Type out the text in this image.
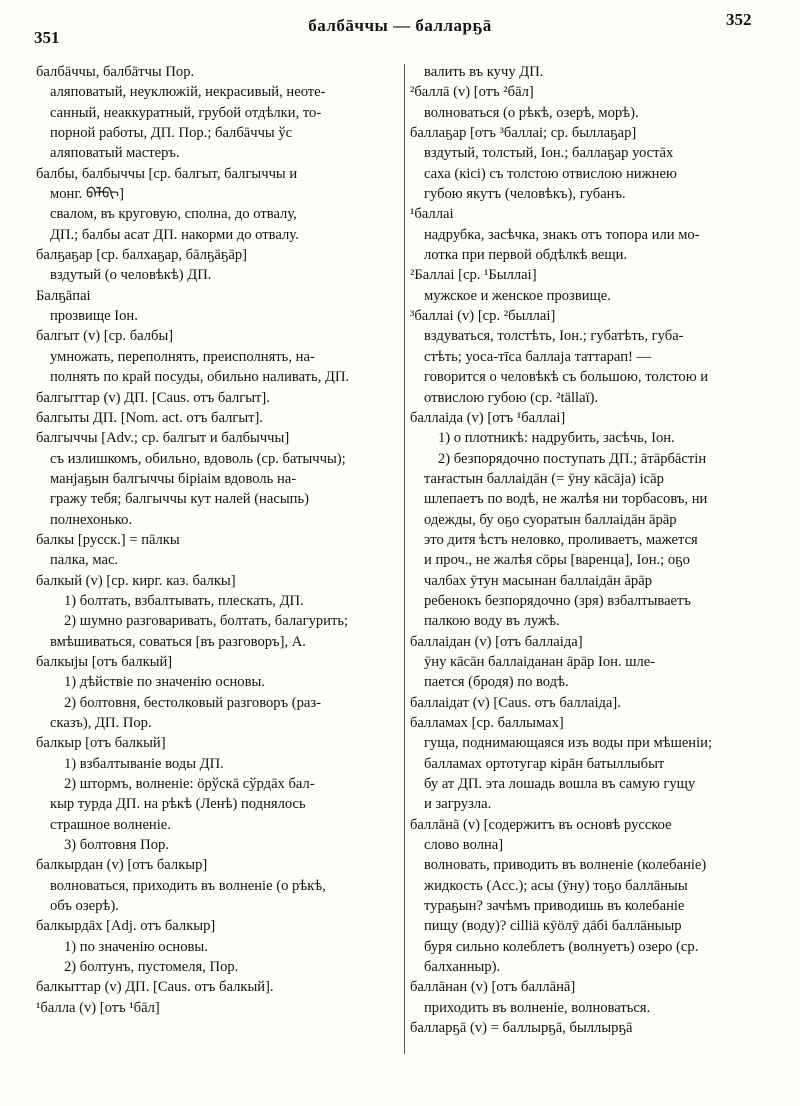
351
балбāччы — балларҕā	352
балбāччы, балбāтчы Пор.
аляповатый, неуклюжій, некрасивый, неоте-
санный, неаккуратный, грубой отдѣлки, то-
порной работы, ДП. Пор.; балбāччы ўс
аляповатый мастеръ.
балбы, балбыччы [ср. балгыт, балгыччы и
монг. ᠪᠠᠯᠪᠢ]
свалом, въ круговую, сполна, до отвалу,
ДП.; балбы асат ДП. накорми до отвалу.
балҕаҕар [ср. балхаҕар, бāлҕāҕāр]
вздутый (о человѣкѣ) ДП.
Балҕāпаі
прозвище Іон.
балгыт (v) [ср. балбы]
умножать, переполнять, преисполнять, на-
полнять по край посуды, обильно наливать, ДП.
балгыттар (v) ДП. [Caus. отъ балгыт].
балгыты ДП. [Nom. act. отъ балгыт].
балгыччы [Adv.; ср. балгыт и балбыччы]
съ излишкомъ, обильно, вдоволь (ср. батыччы);
манјаҕын балгыччы біріаім вдоволь на-
гражу тебя; балгыччы кут налей (насыпь)
полнехонько.
балкы [русск.] = пāлкы
палка, мас.
балкый (v) [ср. кирг. каз. балкы]
1) болтать, взбалтывать, плескать, ДП.
2) шумно разговаривать, болтать, балагурить;
вмѣшиваться, соваться [въ разговоръ], А.
балкыјы [отъ балкый]
1) дѣйствіе по значенію основы.
2) болтовня, бестолковый разговоръ (раз-
сказъ), ДП. Пор.
балкыр [отъ балкый]
1) взбалтываніе воды ДП.
2) штормъ, волненіе: ӧрўскā сўрдāх бал-
кыр турда ДП. на рѣкѣ (Ленѣ) поднялось
страшное волненіе.
3) болтовня Пор.
балкырдан (v) [отъ балкыр]
волноваться, приходить въ волненіе (о рѣкѣ,
объ озерѣ).
балкырдāх [Adj. отъ балкыр]
1) по значенію основы.
2) болтунъ, пустомеля, Пор.
балкыттар (v) ДП. [Caus. отъ балкый].
¹балла (v) [отъ ¹бāл]
валить въ кучу ДП.
²баллā (v) [отъ ²бāл]
волноваться (о рѣкѣ, озерѣ, морѣ).
баллаҕар [отъ ³баллаі; ср. быллаҕар]
вздутый, толстый, Іон.; баллаҕар уостāх
саха (кісі) съ толстою отвислою нижнею
губою якутъ (человѣкъ), губанъ.
¹баллаі
надрубка, засѣчка, знакъ отъ топора или мо-
лотка при первой обдѣлкѣ вещи.
²Баллаі [ср. ¹Быллаі]
мужское и женское прозвище.
³баллаі (v) [ср. ²быллаі]
вздуваться, толстѣть, Іон.; губатѣть, губа-
стѣть; уоса-тīса баллаја таттарап! —
говорится о человѣкѣ съ большою, толстою и
отвислою губою (ср. ²tällaï).
баллаіда (v) [отъ ¹баллаі]
1) о плотникѣ: надрубить, засѣчь, Іон.
2) безпорядочно поступать ДП.; āтāрбāстін
таҥастын баллаідāн (= ӯну кāсāја) ісāр
шлепаетъ по водѣ, не жалѣя ни торбасовъ, ни
одежды, бу оҕо суоратын баллаідāн āрāр
это дитя ѣстъ неловко, проливаетъ, мажется
и проч., не жалѣя сōры [варенца], Іон.; оҕо
чалбах ӯтун масынан баллаідāн āрāр
ребенокъ безпорядочно (зря) взбалтываетъ
палкою воду въ лужѣ.
баллаідан (v) [отъ баллаіда]
ӯну кāсāн баллаіданан āрāр Іон. шле-
пается (бродя) по водѣ.
баллаідат (v) [Caus. отъ баллаіда].
балламах [ср. баллымах]
гуща, поднимающаяся изъ воды при мѣшеніи;
балламах ортотугар кірāн батыллыбыт
бу ат ДП. эта лошадь вошла въ самую гущу
и загрузла.
баллāнā (v) [содержитъ въ основѣ русское
слово волна]
волновать, приводить въ волненіе (колебаніе)
жидкость (Acc.); асы (ӯну) тоҕо баллāныы
тураҕын? зачѣмъ приводишь въ колебаніе
пищу (воду)? cilliä кӯӧлӯ дāбі баллāныыр
буря сильно колеблетъ (волнуетъ) озеро (ср.
балханныр).
баллāнан (v) [отъ баллāнā]
приходить въ волненіе, волноваться.
балларҕā (v) = баллырҕā, быллырҕā
